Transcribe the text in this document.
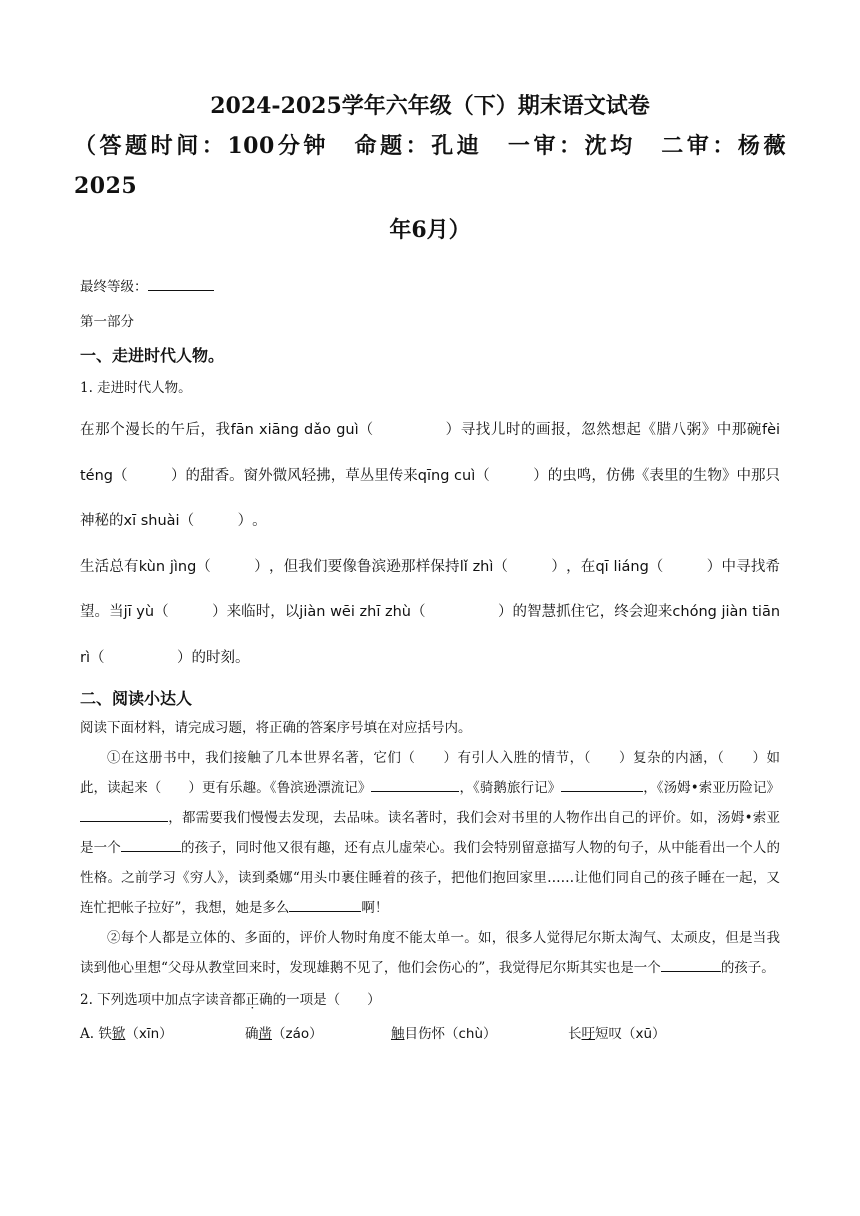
2024-2025学年六年级（下）期末语文试卷
（答题时间：100分钟　命题：孔迪　一审：沈均　二审：杨薇　2025
年6月）
最终等级：
第一部分
一、走进时代人物。
1. 走进时代人物。
在那个漫长的午后，我fān xiāng dǎo guì（　　　　　）寻找儿时的画报，忽然想起《腊八粥》中那碗fèi téng（　　　）的甜香。窗外微风轻拂，草丛里传来qīng cuì（　　　）的虫鸣，仿佛《表里的生物》中那只神秘的xī shuài（　　　）。
生活总有kùn jìng（　　　），但我们要像鲁滨逊那样保持lǐ zhì（　　　），在qī liáng（　　　）中寻找希望。当jī yù（　　　）来临时，以jiàn wēi zhī zhù（　　　　　）的智慧抓住它，终会迎来chóng jiàn tiān rì（　　　　　）的时刻。
二、阅读小达人
阅读下面材料，请完成习题，将正确的答案序号填在对应括号内。

①在这册书中，我们接触了几本世界名著，它们（　　）有引人入胜的情节，（　　）复杂的内涵，（　　）如此，读起来（　　）更有乐趣。《鲁滨逊漂流记》	，《骑鹅旅行记》	，《汤姆•索亚历险记》，都需要我们慢慢去发现，去品味。读名著时，我们会对书里的人物作出自己的评价。如，汤姆•索亚是一个	的孩子，同时他又很有趣，还有点儿虚荣心。我们会特别留意描写人物的句子，从中能看出一个人的性格。之前学习《穷人》，读到桑娜“用头巾裹住睡着的孩子，把他们抱回家里……让他们同自己的孩子睡在一起，又连忙把帐子拉好”，我想，她是多么	啊！

②每个人都是立体的、多面的，评价人物时角度不能太单一。如，很多人觉得尼尔斯太淘气、太顽皮，但是当我读到他心里想“父母从教堂回来时，发现雄鹅不见了，他们会伤心的”，我觉得尼尔斯其实也是一个	的孩子。

2. 下列选项中加点字读音都正确的一项是（　　）
A. 铁锨（xīn）	确凿（záo）	触目伤怀（chù）	长吁短叹（xū）
